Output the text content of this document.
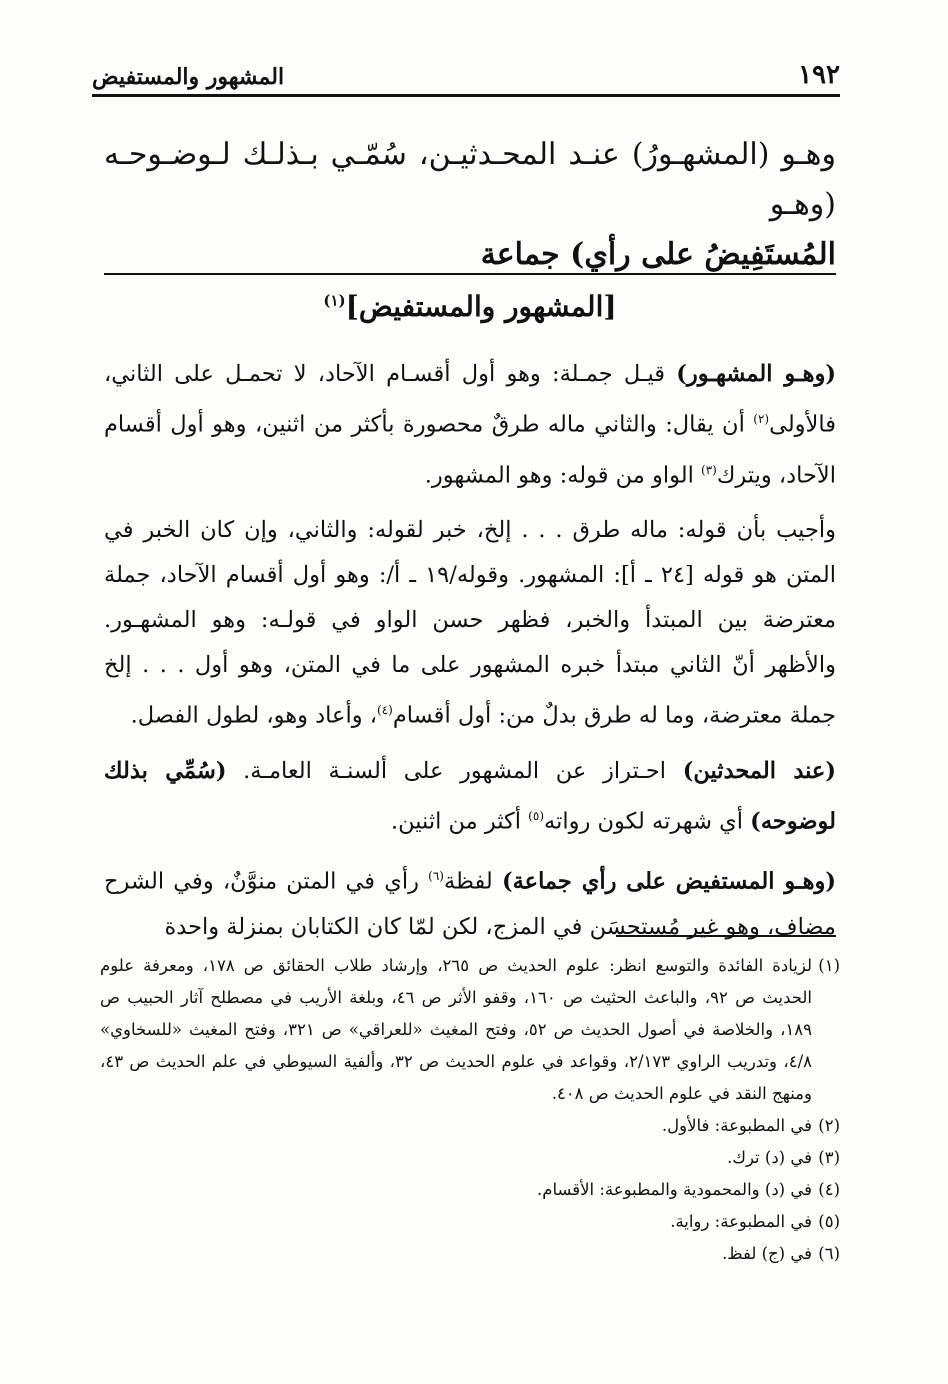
١٩٢
المشهور والمستفيض
وهـو (المشهـورُ) عنـد المحـدثيـن، سُمّـي بـذلـك لـوضـوحـه (وهـو
المُستَفِيضُ على رأي) جماعة
[المشهور والمستفيض]$^{(١)}$

(وهـو المشهـور) قيـل جمـلة: وهو أول أقسـام الآحاد، لا تحمـل على الثاني، فالأولى$^{(٢)}$ أن يقال: والثاني ماله طرقٌ محصورة بأكثر من اثنين، وهو أول أقسام الآحاد، ويترك$^{(٣)}$ الواو من قوله: وهو المشهور.

وأجيب بأن قوله: ماله طرق . . . إلخ، خبر لقوله: والثاني، وإن كان الخبر في المتن هو قوله [٢٤ ـ أ]: المشهور. وقوله/١٩ ـ أ/: وهو أول أقسام الآحاد، جملة معترضة بين المبتدأ والخبر، فظهر حسن الواو في قولـه: وهو المشهـور. والأظهر أنّ الثاني مبتدأ خبره المشهور على ما في المتن، وهو أول . . . إلخ جملة معترضة، وما له طرق بدلٌ من: أول أقسام$^{(٤)}$، وأعاد وهو، لطول الفصل.

(عند المحدثين) احـتراز عن المشهور على ألسنـة العامـة. (سُمِّي بذلك لوضوحه) أي شهرته لكون رواته$^{(٥)}$ أكثر من اثنين.

(وهـو المستفيض على رأي جماعة) لفظة$^{(٦)}$ رأي في المتن منوَّنٌ، وفي الشرح مضاف، وهو غير مُستحسَن في المزج، لكن لمّا كان الكتابان بمنزلة واحدة

(١)لزيادة الفائدة والتوسع انظر: علوم الحديث ص ٢٦٥، وإرشاد طلاب الحقائق ص ١٧٨، ومعرفة علوم الحديث ص ٩٢، والباعث الحثيث ص ١٦٠، وقفو الأثر ص ٤٦، وبلغة الأريب في مصطلح آثار الحبيب ص ١٨٩، والخلاصة في أصول الحديث ص ٥٢، وفتح المغيث «للعراقي» ص ٣٢١، وفتح المغيث «للسخاوي» ٤/٨، وتدريب الراوي ٢/١٧٣، وقواعد في علوم الحديث ص ٣٢، وألفية السيوطي في علم الحديث ص ٤٣، ومنهج النقد في علوم الحديث ص ٤٠٨.

(٢)في المطبوعة: فالأول.

(٣)في (د) ترك.

(٤)في (د) والمحمودية والمطبوعة: الأقسام.

(٥)في المطبوعة: رواية.

(٦)في (ج) لفظ.
